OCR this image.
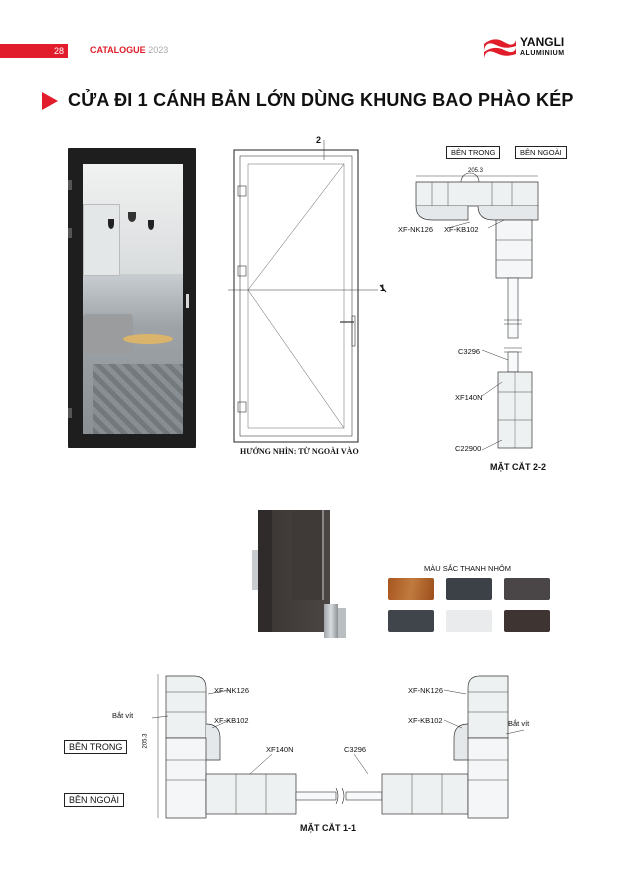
28	CATALOGUE 2023
YANGLI
ALUMINIUM
CỬA ĐI 1 CÁNH BẢN LỚN DÙNG KHUNG BAO PHÀO KÉP
2
1
HƯỚNG NHÌN: TỪ NGOÀI VÀO
BÊN TRONG	BÊN NGOÀI
205.3
XF-NK126 XF-KB102
C3296
XF140N
C22900
MẶT CẮT 2-2
MÀU SẮC THANH NHÔM
205.3
XF-NK126
XF-KB102
XF140N
XF-NK126
XF-KB102
C3296
Bắt vít
Bắt vít
BÊN TRONG
BÊN NGOÀI
MẶT CẮT 1-1
